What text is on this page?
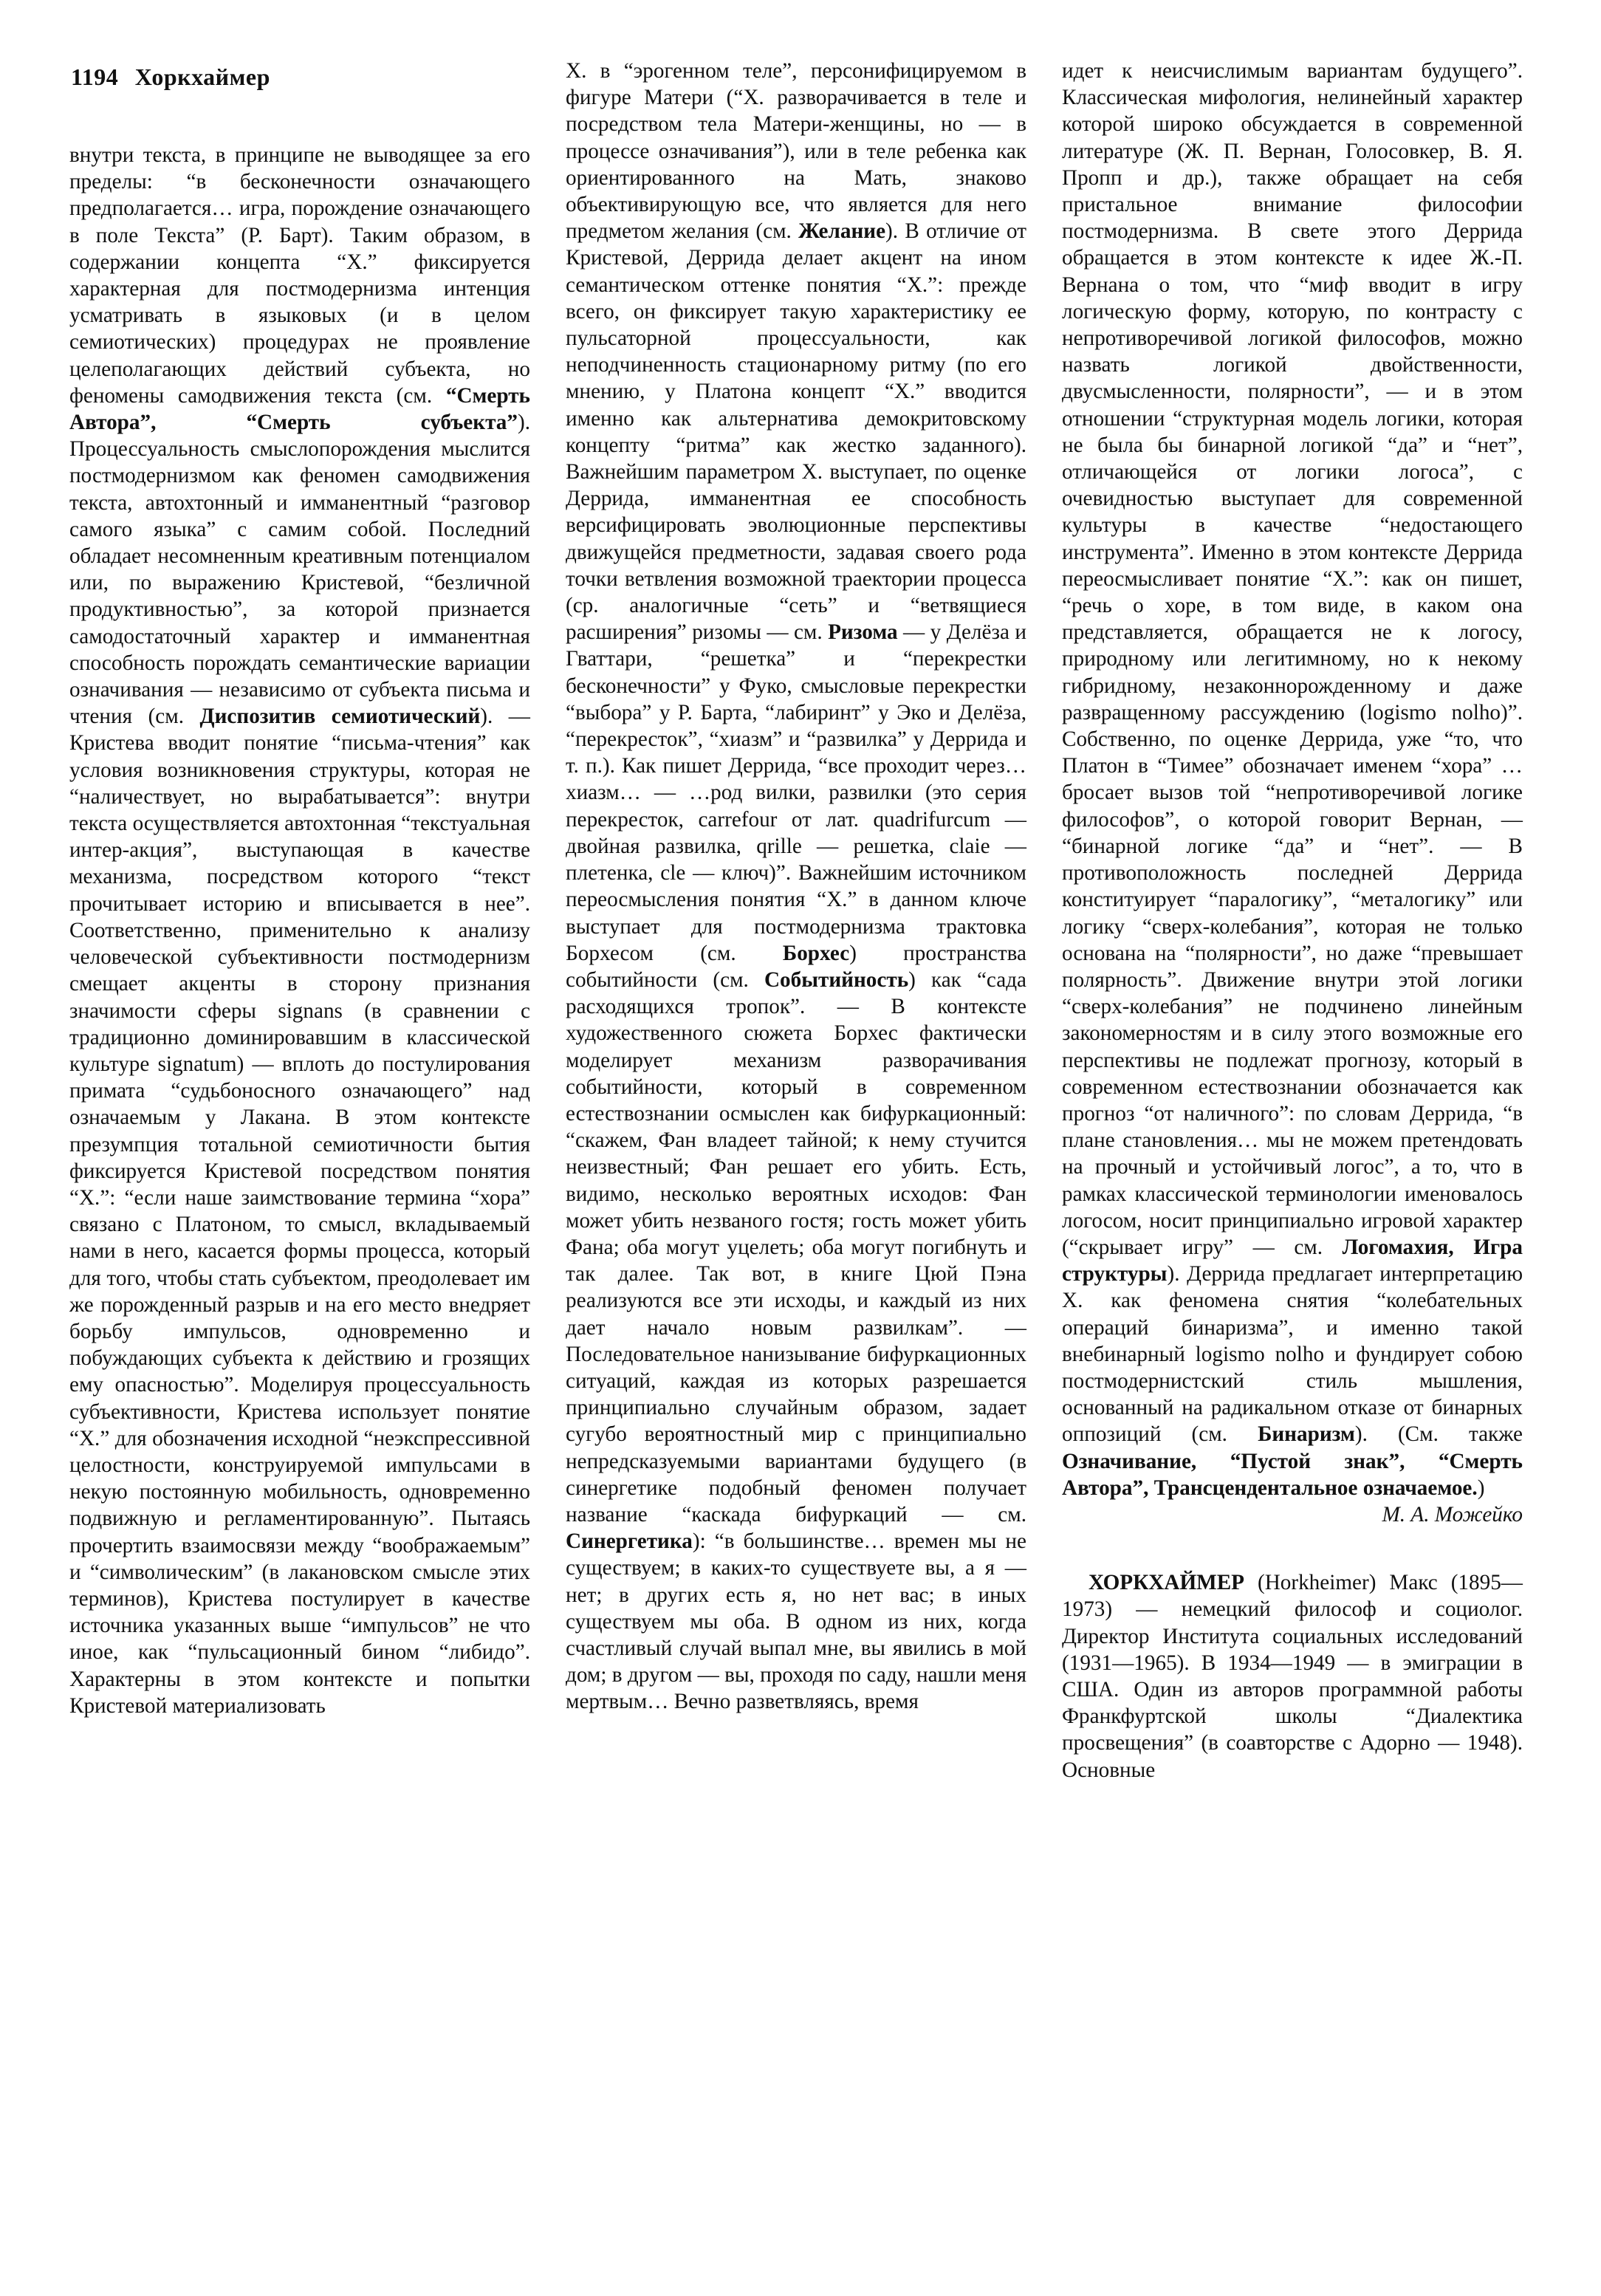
1194 Хоркхаймер

внутри текста, в принципе не выводящее за его пределы: “в бесконечности означающего предполагается… игра, порождение означающего в поле Текста” (Р. Барт). Таким образом, в содержании концепта “Х.” фиксируется характерная для постмодернизма интенция усматривать в языковых (и в целом семиотических) процедурах не проявление целеполагающих действий субъекта, но феномены самодвижения текста (см. “Смерть Автора”, “Смерть субъекта”). Процессуальность смыслопорождения мыслится постмодернизмом как феномен самодвижения текста, автохтонный и имманентный “разговор самого языка” с самим собой. Последний обладает несомненным креативным потенциалом или, по выражению Кристевой, “безличной продуктивностью”, за которой признается самодостаточный характер и имманентная способность порождать семантические вариации означивания — независимо от субъекта письма и чтения (см. Диспозитив семиотический). — Кристева вводит понятие “письма-чтения” как условия возникновения структуры, которая не “наличествует, но вырабатывается”: внутри текста осуществляется автохтонная “текстуальная интер-акция”, выступающая в качестве механизма, посредством которого “текст прочитывает историю и вписывается в нее”. Соответственно, применительно к анализу человеческой субъективности постмодернизм смещает акценты в сторону признания значимости сферы signans (в сравнении с традиционно доминировавшим в классической культуре signatum) — вплоть до постулирования примата “судьбоносного означающего” над означаемым у Лакана. В этом контексте презумпция тотальной семиотичности бытия фиксируется Кристевой посредством понятия “Х.”: “если наше заимствование термина “хора” связано с Платоном, то смысл, вкладываемый нами в него, касается формы процесса, который для того, чтобы стать субъектом, преодолевает им же порожденный разрыв и на его место внедряет борьбу импульсов, одновременно и побуждающих субъекта к действию и грозящих ему опасностью”. Моделируя процессуальность субъективности, Кристева использует понятие “Х.” для обозначения исходной “неэкспрессивной целостности, конструируемой импульсами в некую постоянную мобильность, одновременно подвижную и регламентированную”. Пытаясь прочертить взаимосвязи между “воображаемым” и “символическим” (в лакановском смысле этих терминов), Кристева постулирует в качестве источника указанных выше “импульсов” не что иное, как “пульсационный бином “либидо”. Характерны в этом контексте и попытки Кристевой материализовать

Х. в “эрогенном теле”, персонифицируемом в фигуре Матери (“Х. разворачивается в теле и посредством тела Матери-женщины, но — в процессе означивания”), или в теле ребенка как ориентированного на Мать, знаково объективирующую все, что является для него предметом желания (см. Желание). В отличие от Кристевой, Деррида делает акцент на ином семантическом оттенке понятия “Х.”: прежде всего, он фиксирует такую характеристику ее пульсаторной процессуальности, как неподчиненность стационарному ритму (по его мнению, у Платона концепт “Х.” вводится именно как альтернатива демокритовскому концепту “ритма” как жестко заданного). Важнейшим параметром Х. выступает, по оценке Деррида, имманентная ее способность версифицировать эволюционные перспективы движущейся предметности, задавая своего рода точки ветвления возможной траектории процесса (ср. аналогичные “сеть” и “ветвящиеся расширения” ризомы — см. Ризома — у Делёза и Гваттари, “решетка” и “перекрестки бесконечности” у Фуко, смысловые перекрестки “выбора” у Р. Барта, “лабиринт” у Эко и Делёза, “перекресток”, “хиазм” и “развилка” у Деррида и т. п.). Как пишет Деррида, “все проходит через… хиазм… — …род вилки, развилки (это серия перекресток, carrefour от лат. quadrifurcum — двойная развилка, qrille — решетка, claie — плетенка, cle — ключ)”. Важнейшим источником переосмысления понятия “Х.” в данном ключе выступает для постмодернизма трактовка Борхесом (см. Борхес) пространства событийности (см. Событийность) как “сада расходящихся тропок”. — В контексте художественного сюжета Борхес фактически моделирует механизм разворачивания событийности, который в современном естествознании осмыслен как бифуркационный: “скажем, Фан владеет тайной; к нему стучится неизвестный; Фан решает его убить. Есть, видимо, несколько вероятных исходов: Фан может убить незваного гостя; гость может убить Фана; оба могут уцелеть; оба могут погибнуть и так далее. Так вот, в книге Цюй Пэна реализуются все эти исходы, и каждый из них дает начало новым развилкам”. — Последовательное нанизывание бифуркационных ситуаций, каждая из которых разрешается принципиально случайным образом, задает сугубо вероятностный мир с принципиально непредсказуемыми вариантами будущего (в синергетике подобный феномен получает название “каскада бифуркаций — см. Синергетика): “в большинстве… времен мы не существуем; в каких-то существуете вы, а я — нет; в других есть я, но нет вас; в иных существуем мы оба. В одном из них, когда счастливый случай выпал мне, вы явились в мой дом; в другом — вы, проходя по саду, нашли меня мертвым… Вечно разветвляясь, время

идет к неисчислимым вариантам будущего”. Классическая мифология, нелинейный характер которой широко обсуждается в современной литературе (Ж. П. Вернан, Голосовкер, В. Я. Пропп и др.), также обращает на себя пристальное внимание философии постмодернизма. В свете этого Деррида обращается в этом контексте к идее Ж.-П. Вернана о том, что “миф вводит в игру логическую форму, которую, по контрасту с непротиворечивой логикой философов, можно назвать логикой двойственности, двусмысленности, полярности”, — и в этом отношении “структурная модель логики, которая не была бы бинарной логикой “да” и “нет”, отличающейся от логики логоса”, с очевидностью выступает для современной культуры в качестве “недостающего инструмента”. Именно в этом контексте Деррида переосмысливает понятие “Х.”: как он пишет, “речь о хоре, в том виде, в каком она представляется, обращается не к логосу, природному или легитимному, но к некому гибридному, незаконнорожденному и даже развращенному рассуждению (logismo nolho)”. Собственно, по оценке Деррида, уже “то, что Платон в “Тимее” обозначает именем “хора” …бросает вызов той “непротиворечивой логике философов”, о которой говорит Вернан, — “бинарной логике “да” и “нет”. — В противоположность последней Деррида конституирует “паралогику”, “металогику” или логику “сверх-колебания”, которая не только основана на “полярности”, но даже “превышает полярность”. Движение внутри этой логики “сверх-колебания” не подчинено линейным закономерностям и в силу этого возможные его перспективы не подлежат прогнозу, который в современном естествознании обозначается как прогноз “от наличного”: по словам Деррида, “в плане становления… мы не можем претендовать на прочный и устойчивый логос”, а то, что в рамках классической терминологии именовалось логосом, носит принципиально игровой характер (“скрывает игру” — см. Логомахия, Игра структуры). Деррида предлагает интерпретацию Х. как феномена снятия “колебательных операций бинаризма”, и именно такой внебинарный logismo nolho и фундирует собою постмодернистский стиль мышления, основанный на радикальном отказе от бинарных оппозиций (см. Бинаризм). (См. также Означивание, “Пустой знак”, “Смерть Автора”, Трансцендентальное означаемое.)

М. А. Можейко

ХОРКХАЙМЕР (Horkheimer) Макс (1895—1973) — немецкий философ и социолог. Директор Института социальных исследований (1931—1965). В 1934—1949 — в эмиграции в США. Один из авторов программной работы Франкфуртской школы “Диалектика просвещения” (в соавторстве с Адорно — 1948). Основные
